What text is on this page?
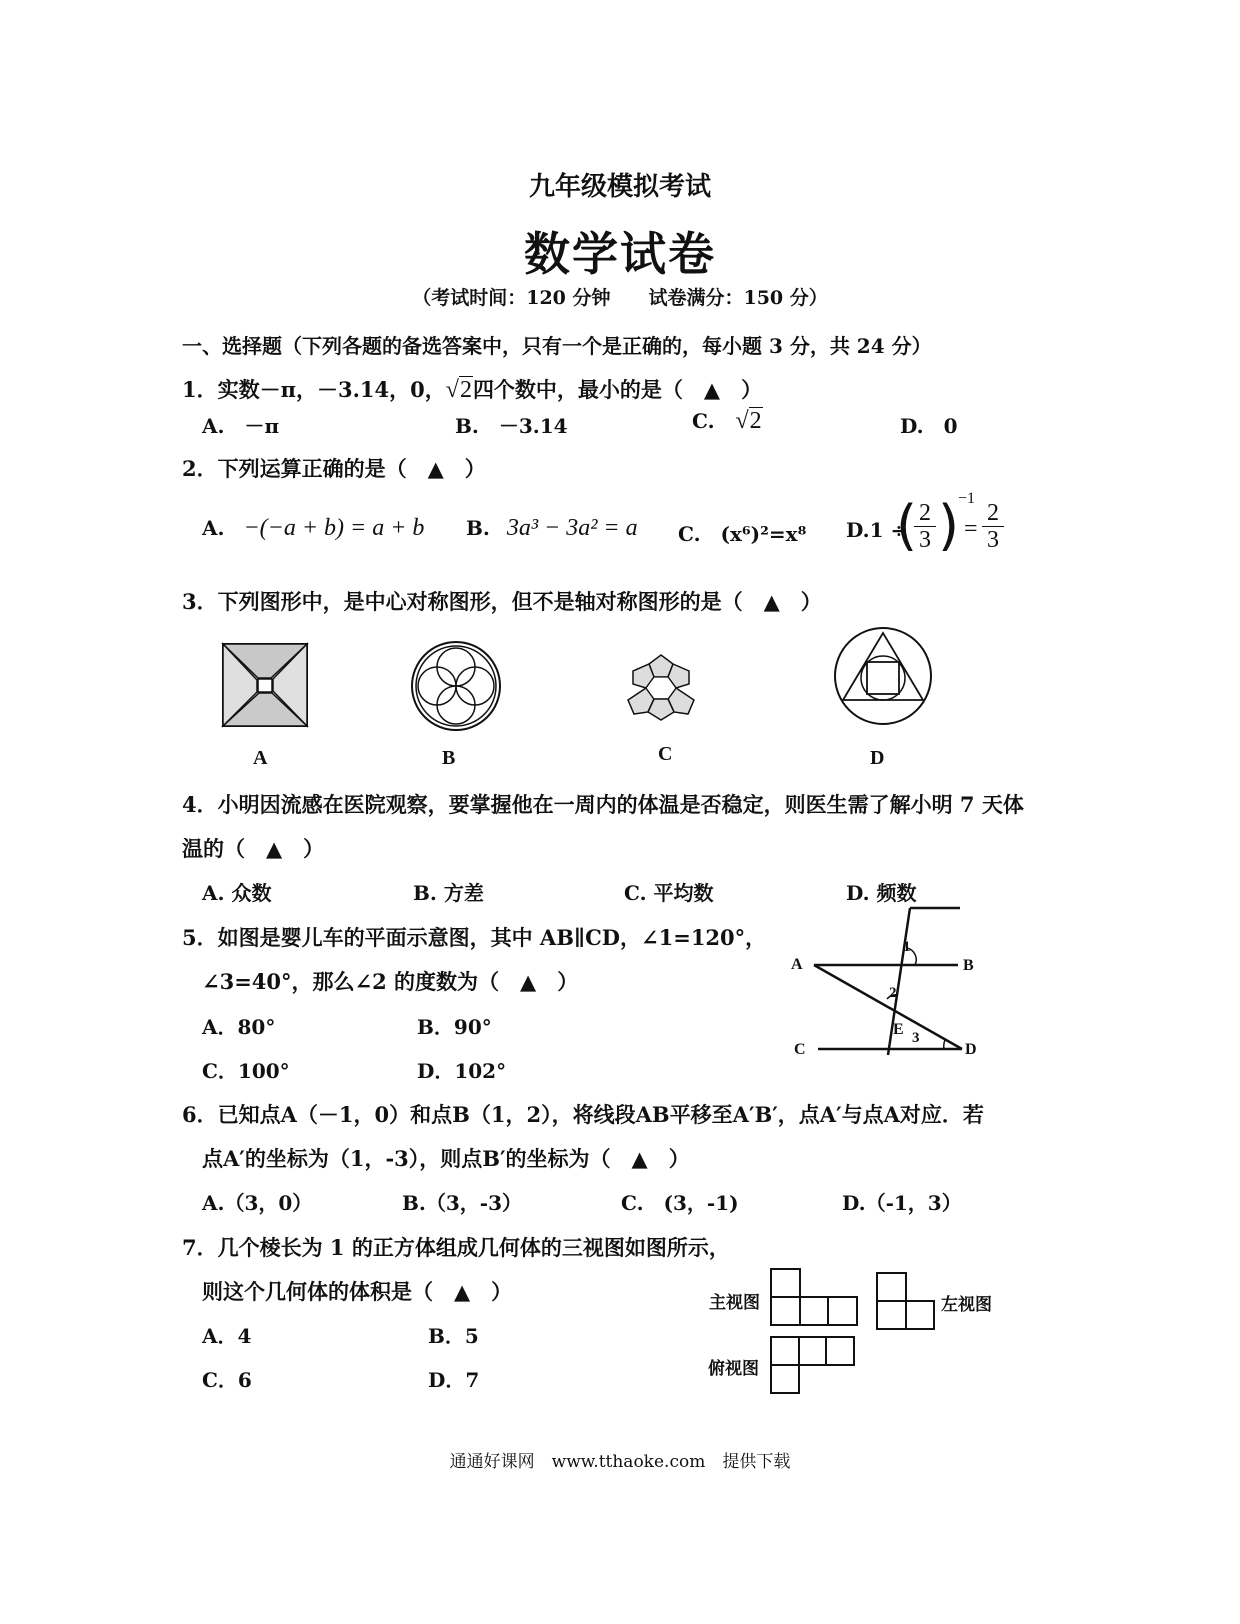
九年级模拟考试
数学试卷
（考试时间：120 分钟　　试卷满分：150 分）
一、选择题（下列各题的备选答案中，只有一个是正确的，每小题 3 分，共 24 分）
1．实数－π，－3.14，0，√2四个数中，最小的是（　▲　）
A.　－π	B.　－3.14	C. √2	D.　0
2．下列运算正确的是（　▲　）
A. −(−a + b) = a + b B. 3a³ − 3a² = a C.　(x⁶)²=x⁸ D.1 ÷
(
$\frac{2}{3}$ )
−1
= $\frac{2}{3}$
3．下列图形中，是中心对称图形，但不是轴对称图形的是（　▲　）
A	B	C	D
4．小明因流感在医院观察，要掌握他在一周内的体温是否稳定，则医生需了解小明 7 天体
温的（　▲　）
A. 众数	B. 方差	C. 平均数	D. 频数
5．如图是婴儿车的平面示意图，其中 AB∥CD，∠1=120°，
∠3=40°，那么∠2 的度数为（　▲　）
A．80°	B．90°
C．100°	D．102°
A	B
C	D
E
1
2
3
6．已知点A（－1，0）和点B（1，2），将线段AB平移至A′B′，点A′与点A对应．若
点A′的坐标为（1，-3），则点B′的坐标为（　▲　）
A.（3，0）	B.（3，-3）	C.　(3，-1)	D.（-1，3）
7．几个棱长为 1 的正方体组成几何体的三视图如图所示，
则这个几何体的体积是（　▲　）
A．4	B．5
C．6	D．7
主视图	左视图
俯视图
通通好课网　www.tthaoke.com　提供下载
